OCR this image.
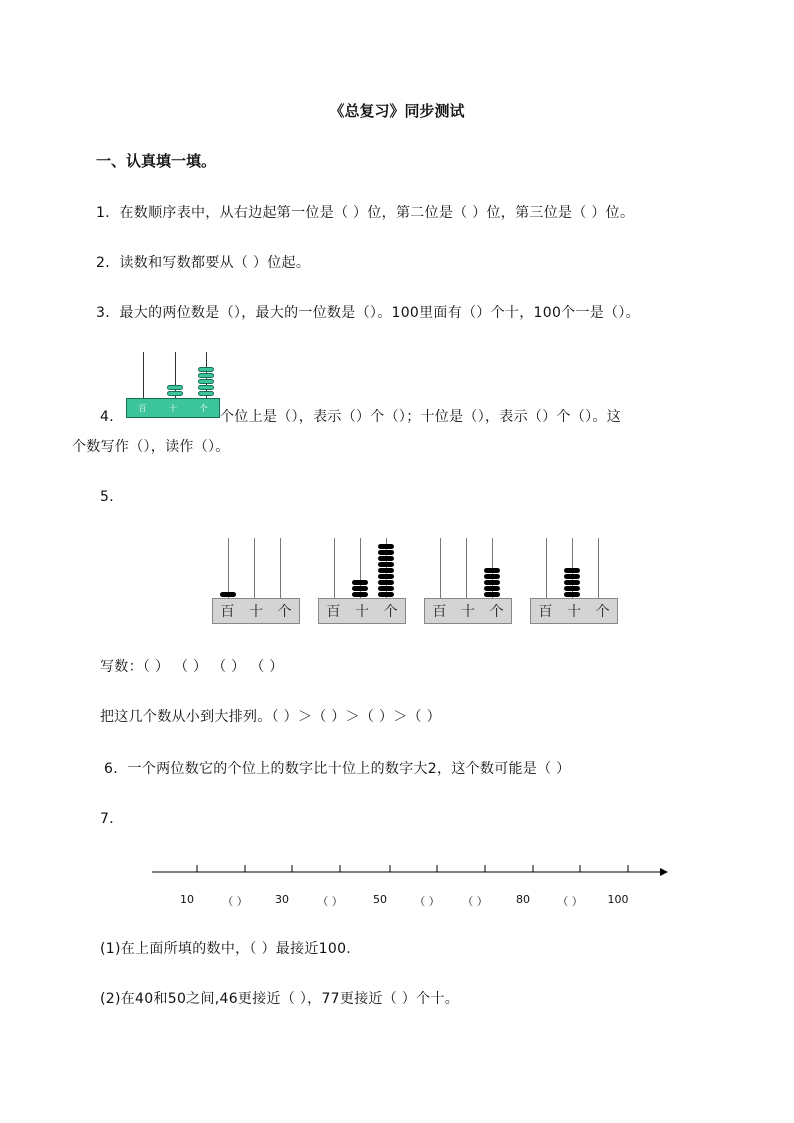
《总复习》同步测试
一、认真填一填。
1．在数顺序表中，从右边起第一位是（ ）位，第二位是（ ）位，第三位是（ ）位。
2．读数和写数都要从（ ）位起。
3．最大的两位数是（），最大的一位数是（）。100里面有（）个十，100个一是（）。
百	十	个
4．	个位上是（），表示（）个（）；十位是（），表示（）个（）。这
个数写作（），读作（）。
5．
百 十 个 百 十 个 百 十 个 百 十 个
写数：（ ） （ ） （ ） （ ）
把这几个数从小到大排列。（ ）＞（ ）＞（ ）＞（ ）
6．一个两位数它的个位上的数字比十位上的数字大2，这个数可能是（ ）
7．
10	（ ）	30	（ ）	50	（ ）	（ ）	80	（ ）	100
(1)在上面所填的数中，（ ）最接近100.
(2)在40和50之间,46更接近（ ），77更接近（ ）个十。
